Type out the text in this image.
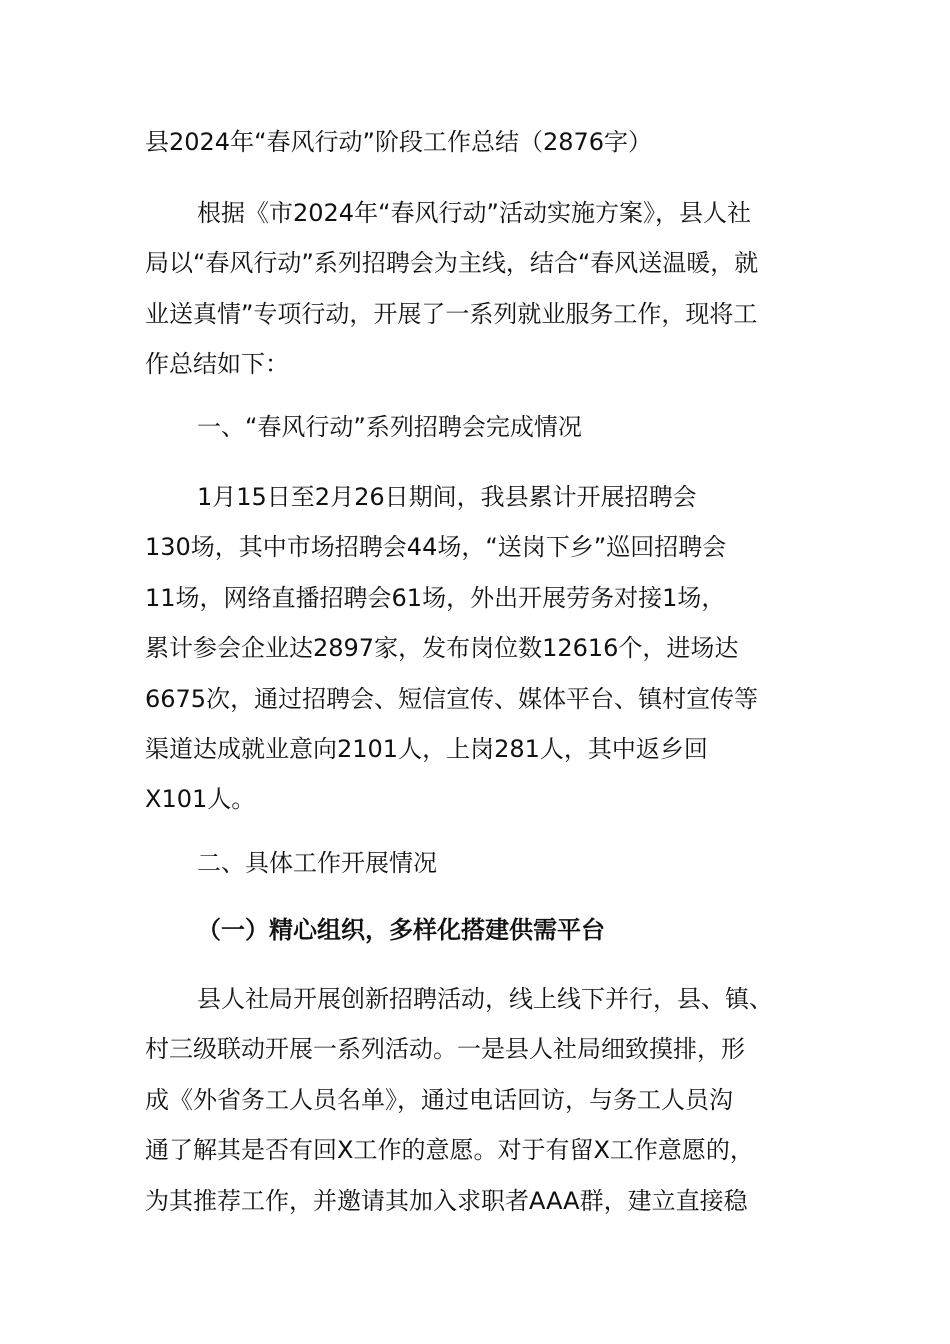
县2024年“春风行动”阶段工作总结（2876字）
根据《市2024年“春风行动”活动实施方案》，县人社
局以“春风行动”系列招聘会为主线，结合“春风送温暖，就
业送真情”专项行动，开展了一系列就业服务工作，现将工
作总结如下：
一、“春风行动”系列招聘会完成情况
1月15日至2月26日期间，我县累计开展招聘会
130场，其中市场招聘会44场，“送岗下乡”巡回招聘会
11场，网络直播招聘会61场，外出开展劳务对接1场，
累计参会企业达2897家，发布岗位数12616个，进场达
6675次，通过招聘会、短信宣传、媒体平台、镇村宣传等
渠道达成就业意向2101人，上岗281人，其中返乡回
X101人。
二、具体工作开展情况
（一）精心组织，多样化搭建供需平台
县人社局开展创新招聘活动，线上线下并行，县、镇、
村三级联动开展一系列活动。一是县人社局细致摸排，形
成《外省务工人员名单》，通过电话回访，与务工人员沟
通了解其是否有回X工作的意愿。对于有留X工作意愿的，
为其推荐工作，并邀请其加入求职者AAA群，建立直接稳
